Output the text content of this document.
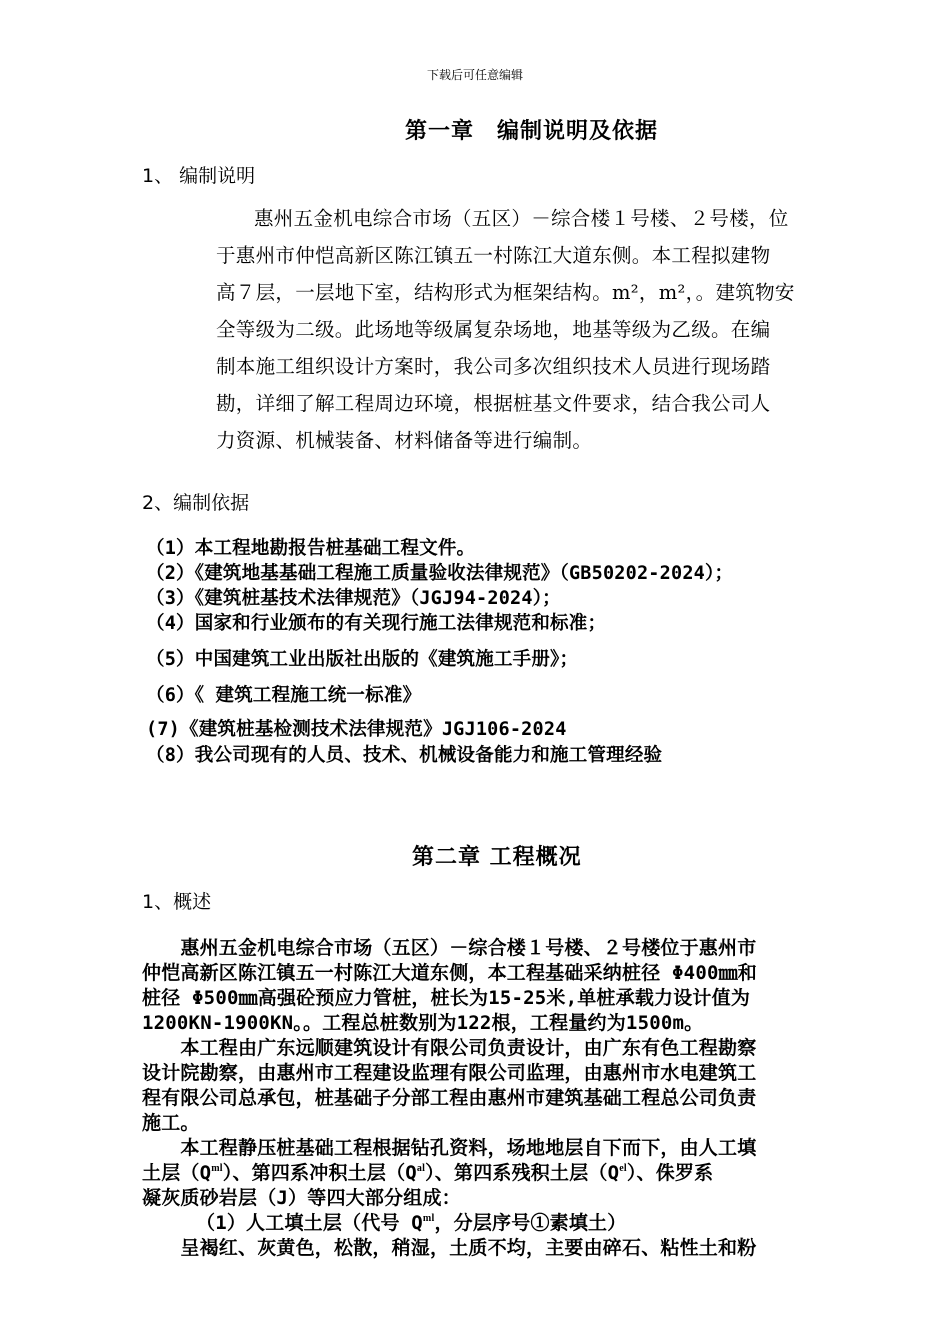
下载后可任意编辑
第一章　编制说明及依据
1、 编制说明
惠州五金机电综合市场（五区）－综合楼１号楼、２号楼，位
于惠州市仲恺高新区陈江镇五一村陈江大道东侧。本工程拟建物
高７层，一层地下室，结构形式为框架结构。m²，m²，。建筑物安
全等级为二级。此场地等级属复杂场地，地基等级为乙级。在编
制本施工组织设计方案时，我公司多次组织技术人员进行现场踏
勘，详细了解工程周边环境，根据桩基文件要求，结合我公司人
力资源、机械装备、材料储备等进行编制。
2、编制依据
（1）本工程地勘报告桩基础工程文件。
（2）《建筑地基基础工程施工质量验收法律规范》（GB50202-2024）；
（3）《建筑桩基技术法律规范》（JGJ94-2024）；
（4）国家和行业颁布的有关现行施工法律规范和标准；
（5）中国建筑工业出版社出版的《建筑施工手册》；
（6）《 建筑工程施工统一标准》
(7)《建筑桩基检测技术法律规范》JGJ106-2024
（8）我公司现有的人员、技术、机械设备能力和施工管理经验
第二章 工程概况
1、概述
　　惠州五金机电综合市场（五区）－综合楼１号楼、２号楼位于惠州市
仲恺高新区陈江镇五一村陈江大道东侧，本工程基础采纳桩径 Φ400㎜和
桩径 Φ500㎜高强砼预应力管桩，桩长为15-25米,单桩承载力设计值为
1200KN-1900KN。。工程总桩数别为122根，工程量约为1500m。
　　本工程由广东远顺建筑设计有限公司负责设计，由广东有色工程勘察
设计院勘察，由惠州市工程建设监理有限公司监理，由惠州市水电建筑工
程有限公司总承包，桩基础子分部工程由惠州市建筑基础工程总公司负责
施工。
　　本工程静压桩基础工程根据钻孔资料，场地地层自下而下，由人工填
土层$(Q^{ml})$、第四系冲积土层$(Q^{al})$、第四系残积土层$(Q^{el})$、侏罗系
凝灰质砂岩层（J）等四大部分组成：
（1）人工填土层（代号 $Q^{ml}$，分层序号①素填土）
　　呈褐红、灰黄色，松散，稍湿，土质不均，主要由碎石、粘性土和粉
